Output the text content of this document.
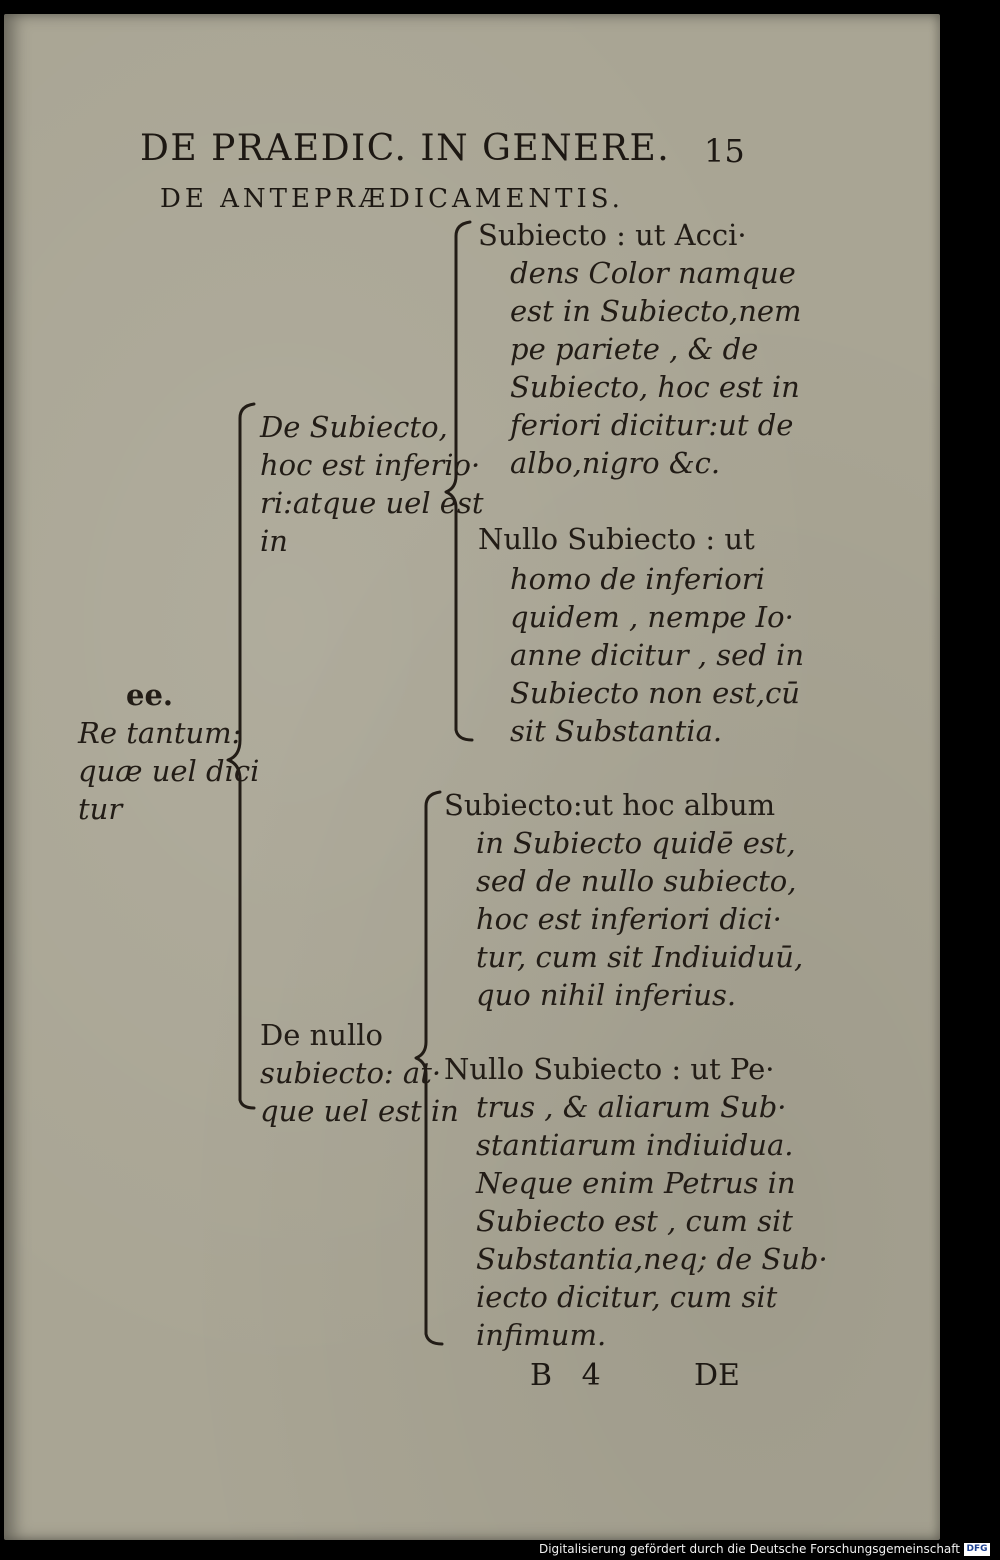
DE PRAEDIC. IN GENERE. 15
DE ANTEPRÆDICAMENTIS.

ee.

Re tantum:

quæ uel dici

tur

De Subiecto,

hoc est inferio·

ri:atque uel est

in

Subiecto : ut Acci·

dens Color namque

est in Subiecto,nem

pe pariete , & de

Subiecto, hoc est in

feriori dicitur:ut de

albo,nigro &c.

Nullo Subiecto : ut

homo de inferiori

quidem , nempe Io·

anne dicitur , sed in

Subiecto non est,cū

sit Substantia.

De nullo

subiecto: at·

que uel est in

Subiecto:ut hoc album

in Subiecto quidē est,

sed de nullo subiecto,

hoc est inferiori dici·

tur, cum sit Indiuiduū,

quo nihil inferius.

Nullo Subiecto : ut Pe·

trus , & aliarum Sub·

stantiarum indiuidua.

Neque enim Petrus in

Subiecto est , cum sit

Substantia,neq; de Sub·

iecto dicitur, cum sit

infimum.

B 4	DE
Digitalisierung gefördert durch die Deutsche Forschungsgemeinschaft DFG
